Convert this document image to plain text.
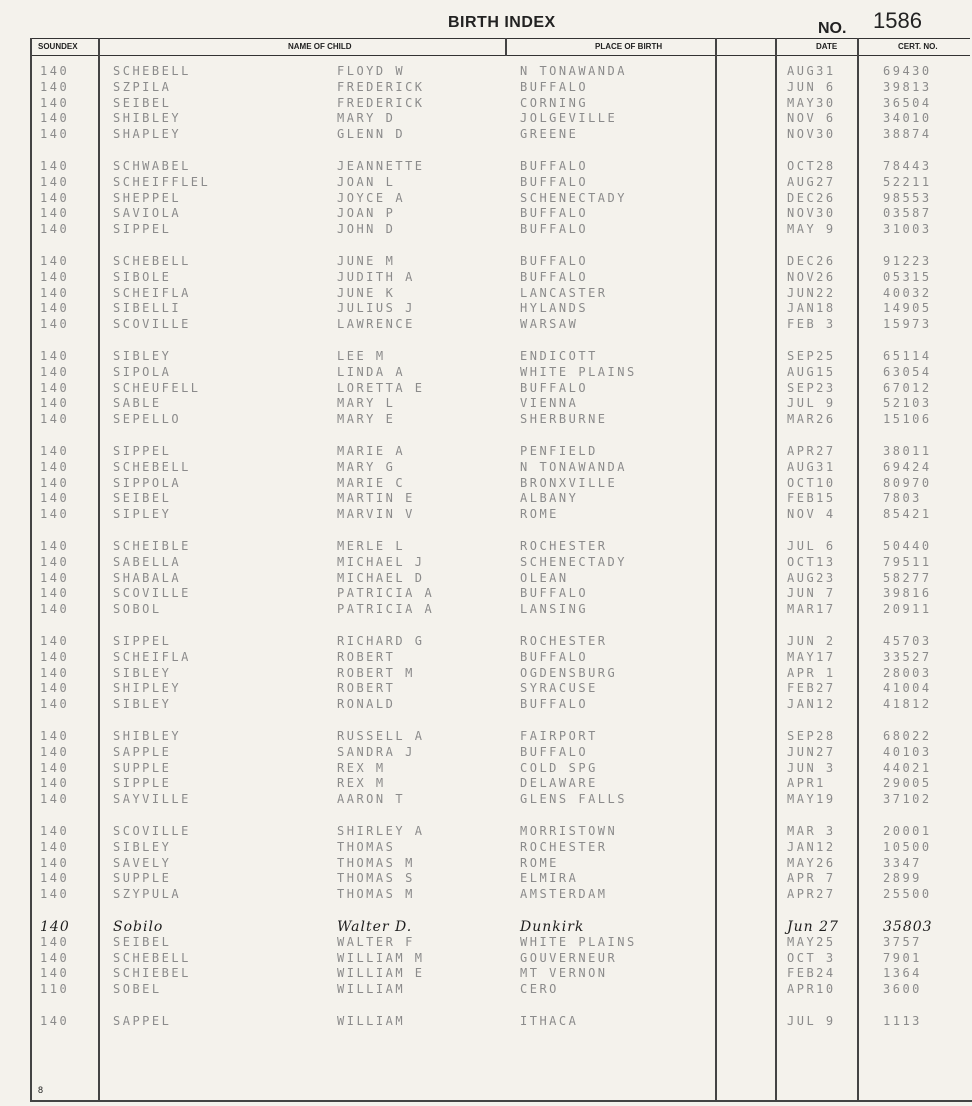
BIRTH INDEX	NO. 1586
SOUNDEX	NAME OF CHILD	PLACE OF BIRTH	DATE	CERT. NO.
140	SCHEBELL	FLOYD W	N TONAWANDA	AUG31	69430
140	SZPILA	FREDERICK	BUFFALO	JUN 6	39813
140	SEIBEL	FREDERICK	CORNING	MAY30	36504
140	SHIBLEY	MARY D	JOLGEVILLE	NOV 6	34010
140	SHAPLEY	GLENN D	GREENE	NOV30	38874
140	SCHWABEL	JEANNETTE	BUFFALO	OCT28	78443
140	SCHEIFFLEL	JOAN L	BUFFALO	AUG27	52211
140	SHEPPEL	JOYCE A	SCHENECTADY	DEC26	98553
140	SAVIOLA	JOAN P	BUFFALO	NOV30	03587
140	SIPPEL	JOHN D	BUFFALO	MAY 9	31003
140	SCHEBELL	JUNE M	BUFFALO	DEC26	91223
140	SIBOLE	JUDITH A	BUFFALO	NOV26	05315
140	SCHEIFLA	JUNE K	LANCASTER	JUN22	40032
140	SIBELLI	JULIUS J	HYLANDS	JAN18	14905
140	SCOVILLE	LAWRENCE	WARSAW	FEB 3	15973
140	SIBLEY	LEE M	ENDICOTT	SEP25	65114
140	SIPOLA	LINDA A	WHITE PLAINS	AUG15	63054
140	SCHEUFELL	LORETTA E	BUFFALO	SEP23	67012
140	SABLE	MARY L	VIENNA	JUL 9	52103
140	SEPELLO	MARY E	SHERBURNE	MAR26	15106
140	SIPPEL	MARIE A	PENFIELD	APR27	38011
140	SCHEBELL	MARY G	N TONAWANDA	AUG31	69424
140	SIPPOLA	MARIE C	BRONXVILLE	OCT10	80970
140	SEIBEL	MARTIN E	ALBANY	FEB15	7803
140	SIPLEY	MARVIN V	ROME	NOV 4	85421
140	SCHEIBLE	MERLE L	ROCHESTER	JUL 6	50440
140	SABELLA	MICHAEL J	SCHENECTADY	OCT13	79511
140	SHABALA	MICHAEL D	OLEAN	AUG23	58277
140	SCOVILLE	PATRICIA A	BUFFALO	JUN 7	39816
140	SOBOL	PATRICIA A	LANSING	MAR17	20911
140	SIPPEL	RICHARD G	ROCHESTER	JUN 2	45703
140	SCHEIFLA	ROBERT	BUFFALO	MAY17	33527
140	SIBLEY	ROBERT M	OGDENSBURG	APR 1	28003
140	SHIPLEY	ROBERT	SYRACUSE	FEB27	41004
140	SIBLEY	RONALD	BUFFALO	JAN12	41812
140	SHIBLEY	RUSSELL A	FAIRPORT	SEP28	68022
140	SAPPLE	SANDRA J	BUFFALO	JUN27	40103
140	SUPPLE	REX M	COLD SPG	JUN 3	44021
140	SIPPLE	REX M	DELAWARE	APR1	29005
140	SAYVILLE	AARON T	GLENS FALLS	MAY19	37102
140	SCOVILLE	SHIRLEY A	MORRISTOWN	MAR 3	20001
140	SIBLEY	THOMAS	ROCHESTER	JAN12	10500
140	SAVELY	THOMAS M	ROME	MAY26	3347
140	SUPPLE	THOMAS S	ELMIRA	APR 7	2899
140	SZYPULA	THOMAS M	AMSTERDAM	APR27	25500
140	Sobilo	Walter D.	Dunkirk	Jun 27	35803
140	SEIBEL	WALTER F	WHITE PLAINS	MAY25	3757
140	SCHEBELL	WILLIAM M	GOUVERNEUR	OCT 3	7901
140	SCHIEBEL	WILLIAM E	MT VERNON	FEB24	1364
110	SOBEL	WILLIAM	CERO	APR10	3600
140	SAPPEL	WILLIAM	ITHACA	JUL 9	1113
8
